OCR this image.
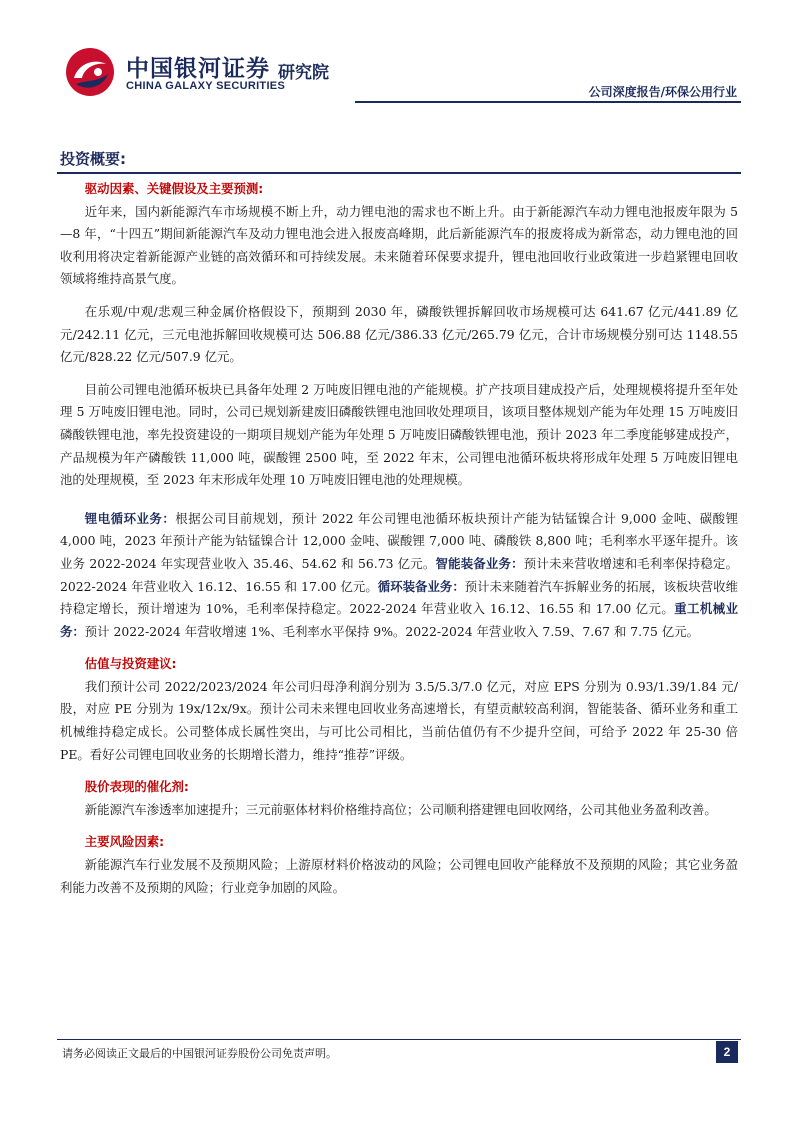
中国银河证券 研究院
CHINA GALAXY SECURITIES	公司深度报告/环保公用行业
投资概要:
驱动因素、关键假设及主要预测:

近年来，国内新能源汽车市场规模不断上升，动力锂电池的需求也不断上升。由于新能源汽车动力锂电池报废年限为 5—8 年，“十四五”期间新能源汽车及动力锂电池会进入报废高峰期，此后新能源汽车的报废将成为新常态，动力锂电池的回收利用将决定着新能源产业链的高效循环和可持续发展。未来随着环保要求提升，锂电池回收行业政策进一步趋紧锂电回收领域将维持高景气度。

在乐观/中观/悲观三种金属价格假设下，预期到 2030 年，磷酸铁锂拆解回收市场规模可达 641.67 亿元/441.89 亿元/242.11 亿元，三元电池拆解回收规模可达 506.88 亿元/386.33 亿元/265.79 亿元，合计市场规模分别可达 1148.55 亿元/828.22 亿元/507.9 亿元。

目前公司锂电池循环板块已具备年处理 2 万吨废旧锂电池的产能规模。扩产技项目建成投产后，处理规模将提升至年处理 5 万吨废旧锂电池。同时，公司已规划新建废旧磷酸铁锂电池回收处理项目，该项目整体规划产能为年处理 15 万吨废旧磷酸铁锂电池，率先投资建设的一期项目规划产能为年处理 5 万吨废旧磷酸铁锂电池，预计 2023 年二季度能够建成投产，产品规模为年产磷酸铁 11,000 吨，碳酸锂 2500 吨，至 2022 年末，公司锂电池循环板块将形成年处理 5 万吨废旧锂电池的处理规模，至 2023 年末形成年处理 10 万吨废旧锂电池的处理规模。

锂电循环业务：根据公司目前规划，预计 2022 年公司锂电池循环板块预计产能为钴锰镍合计 9,000 金吨、碳酸锂 4,000 吨，2023 年预计产能为钴锰镍合计 12,000 金吨、碳酸锂 7,000 吨、磷酸铁 8,800 吨；毛利率水平逐年提升。该业务 2022-2024 年实现营业收入 35.46、54.62 和 56.73 亿元。智能装备业务：预计未来营收增速和毛利率保持稳定。2022-2024 年营业收入 16.12、16.55 和 17.00 亿元。循环装备业务：预计未来随着汽车拆解业务的拓展，该板块营收维持稳定增长，预计增速为 10%，毛利率保持稳定。2022-2024 年营业收入 16.12、16.55 和 17.00 亿元。重工机械业务：预计 2022-2024 年营收增速 1%、毛利率水平保持 9%。2022-2024 年营业收入 7.59、7.67 和 7.75 亿元。

估值与投资建议:

我们预计公司 2022/2023/2024 年公司归母净利润分别为 3.5/5.3/7.0 亿元，对应 EPS 分别为 0.93/1.39/1.84 元/股，对应 PE 分别为 19x/12x/9x。预计公司未来锂电回收业务高速增长，有望贡献较高利润，智能装备、循环业务和重工机械维持稳定成长。公司整体成长属性突出，与可比公司相比，当前估值仍有不少提升空间，可给予 2022 年 25-30 倍 PE。看好公司锂电回收业务的长期增长潜力，维持“推荐”评级。

股价表现的催化剂:

新能源汽车渗透率加速提升；三元前驱体材料价格维持高位；公司顺利搭建锂电回收网络，公司其他业务盈利改善。

主要风险因素:

新能源汽车行业发展不及预期风险；上游原材料价格波动的风险；公司锂电回收产能释放不及预期的风险；其它业务盈利能力改善不及预期的风险；行业竞争加剧的风险。

请务必阅读正文最后的中国银河证券股份公司免责声明。	2
